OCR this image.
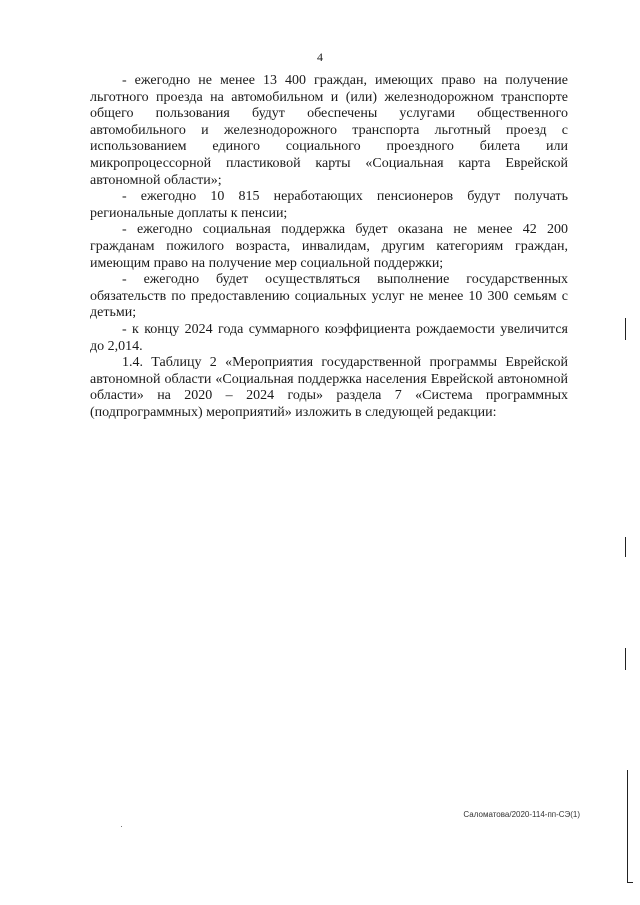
4

- ежегодно не менее 13 400 граждан, имеющих право на получение льготного проезда на автомобильном и (или) железнодорожном транспорте общего пользования будут обеспечены услугами общественного автомобильного и железнодорожного транспорта льготный проезд с использованием единого социального проездного билета или микропроцессорной пластиковой карты «Социальная карта Еврейской автономной области»;

- ежегодно 10 815 неработающих пенсионеров будут получать региональные доплаты к пенсии;

- ежегодно социальная поддержка будет оказана не менее 42 200 гражданам пожилого возраста, инвалидам, другим категориям граждан, имеющим право на получение мер социальной поддержки;

- ежегодно будет осуществляться выполнение государственных обязательств по предоставлению социальных услуг не менее 10 300 семьям с детьми;

- к концу 2024 года суммарного коэффициента рождаемости увеличится до 2,014.

1.4. Таблицу 2 «Мероприятия государственной программы Еврейской автономной области «Социальная поддержка населения Еврейской автономной области» на 2020 – 2024 годы» раздела 7 «Система программных (подпрограммных) мероприятий» изложить в следующей редакции:

Саломатова/2020-114-пп-СЭ(1)
